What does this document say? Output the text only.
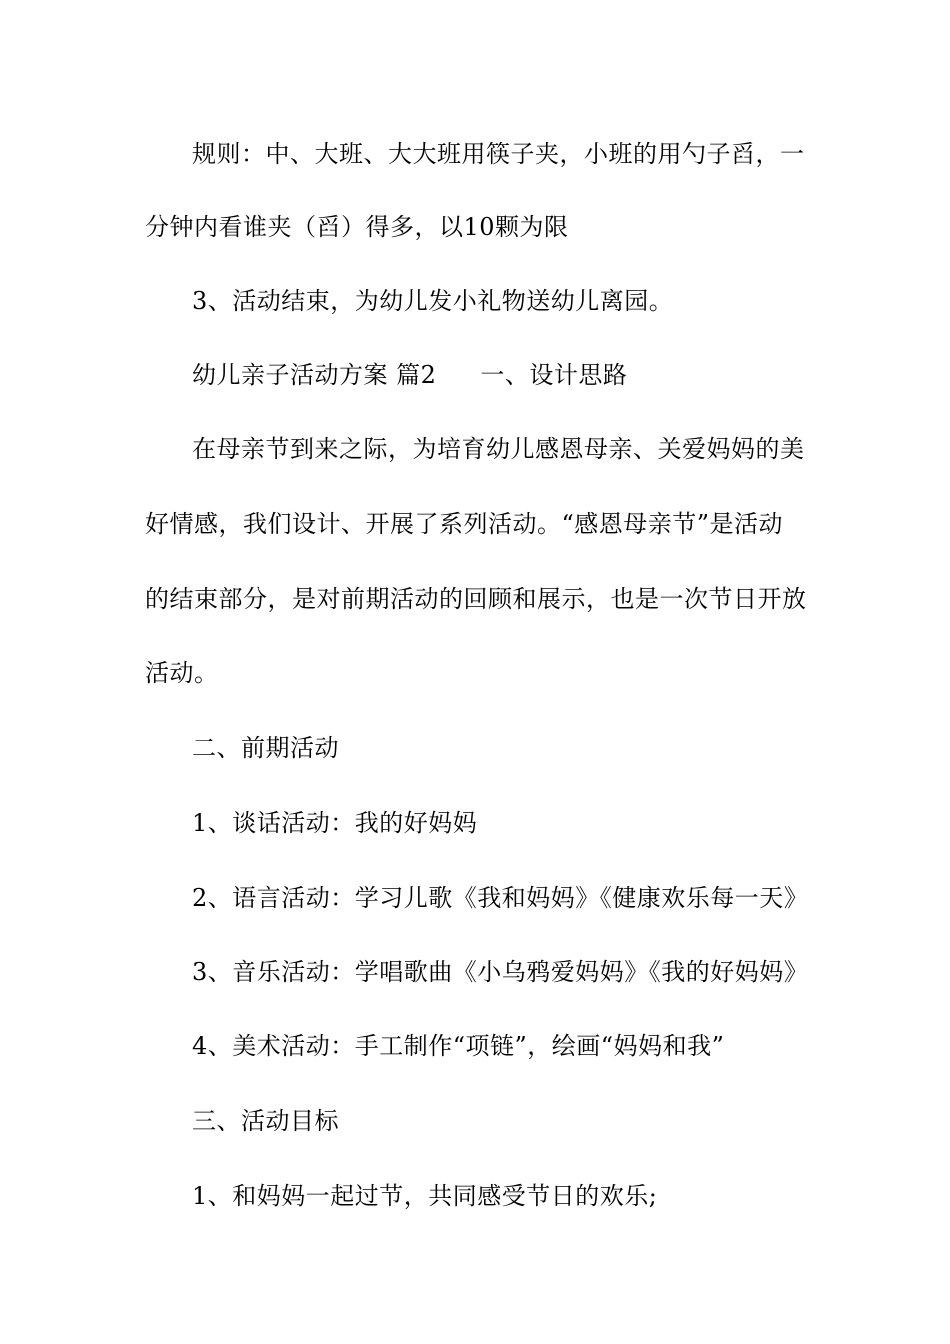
规则：中、大班、大大班用筷子夹，小班的用勺子舀，一
分钟内看谁夹（舀）得多，以10颗为限
3、活动结束，为幼儿发小礼物送幼儿离园。
幼儿亲子活动方案 篇2 一、设计思路
在母亲节到来之际，为培育幼儿感恩母亲、关爱妈妈的美
好情感，我们设计、开展了系列活动。“感恩母亲节”是活动
的结束部分，是对前期活动的回顾和展示，也是一次节日开放
活动。
二、前期活动
1、谈话活动：我的好妈妈
2、语言活动：学习儿歌《我和妈妈》《健康欢乐每一天》
3、音乐活动：学唱歌曲《小乌鸦爱妈妈》《我的好妈妈》
4、美术活动：手工制作“项链”，绘画“妈妈和我”
三、活动目标
1、和妈妈一起过节，共同感受节日的欢乐;
